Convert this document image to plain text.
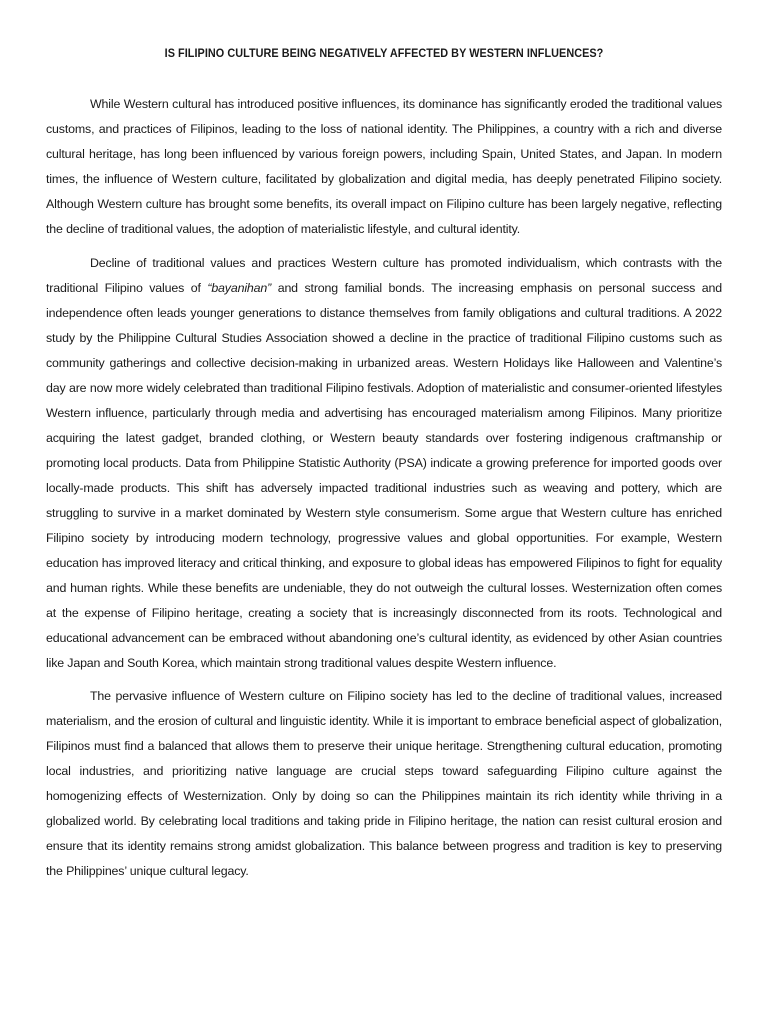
IS FILIPINO CULTURE BEING NEGATIVELY AFFECTED BY WESTERN INFLUENCES?

While Western cultural has introduced positive influences, its dominance has significantly eroded the traditional values customs, and practices of Filipinos, leading to the loss of national identity. The Philippines, a country with a rich and diverse cultural heritage, has long been influenced by various foreign powers, including Spain, United States, and Japan. In modern times, the influence of Western culture, facilitated by globalization and digital media, has deeply penetrated Filipino society. Although Western culture has brought some benefits, its overall impact on Filipino culture has been largely negative, reflecting the decline of traditional values, the adoption of materialistic lifestyle, and cultural identity.

Decline of traditional values and practices Western culture has promoted individualism, which contrasts with the traditional Filipino values of “bayanihan” and strong familial bonds. The increasing emphasis on personal success and independence often leads younger generations to distance themselves from family obligations and cultural traditions. A 2022 study by the Philippine Cultural Studies Association showed a decline in the practice of traditional Filipino customs such as community gatherings and collective decision-making in urbanized areas. Western Holidays like Halloween and Valentine’s day are now more widely celebrated than traditional Filipino festivals. Adoption of materialistic and consumer-oriented lifestyles Western influence, particularly through media and advertising has encouraged materialism among Filipinos. Many prioritize acquiring the latest gadget, branded clothing, or Western beauty standards over fostering indigenous craftmanship or promoting local products. Data from Philippine Statistic Authority (PSA) indicate a growing preference for imported goods over locally-made products. This shift has adversely impacted traditional industries such as weaving and pottery, which are struggling to survive in a market dominated by Western style consumerism. Some argue that Western culture has enriched Filipino society by introducing modern technology, progressive values and global opportunities. For example, Western education has improved literacy and critical thinking, and exposure to global ideas has empowered Filipinos to fight for equality and human rights. While these benefits are undeniable, they do not outweigh the cultural losses. Westernization often comes at the expense of Filipino heritage, creating a society that is increasingly disconnected from its roots. Technological and educational advancement can be embraced without abandoning one’s cultural identity, as evidenced by other Asian countries like Japan and South Korea, which maintain strong traditional values despite Western influence.

The pervasive influence of Western culture on Filipino society has led to the decline of traditional values, increased materialism, and the erosion of cultural and linguistic identity. While it is important to embrace beneficial aspect of globalization, Filipinos must find a balanced that allows them to preserve their unique heritage. Strengthening cultural education, promoting local industries, and prioritizing native language are crucial steps toward safeguarding Filipino culture against the homogenizing effects of Westernization. Only by doing so can the Philippines maintain its rich identity while thriving in a globalized world. By celebrating local traditions and taking pride in Filipino heritage, the nation can resist cultural erosion and ensure that its identity remains strong amidst globalization. This balance between progress and tradition is key to preserving the Philippines’ unique cultural legacy.
